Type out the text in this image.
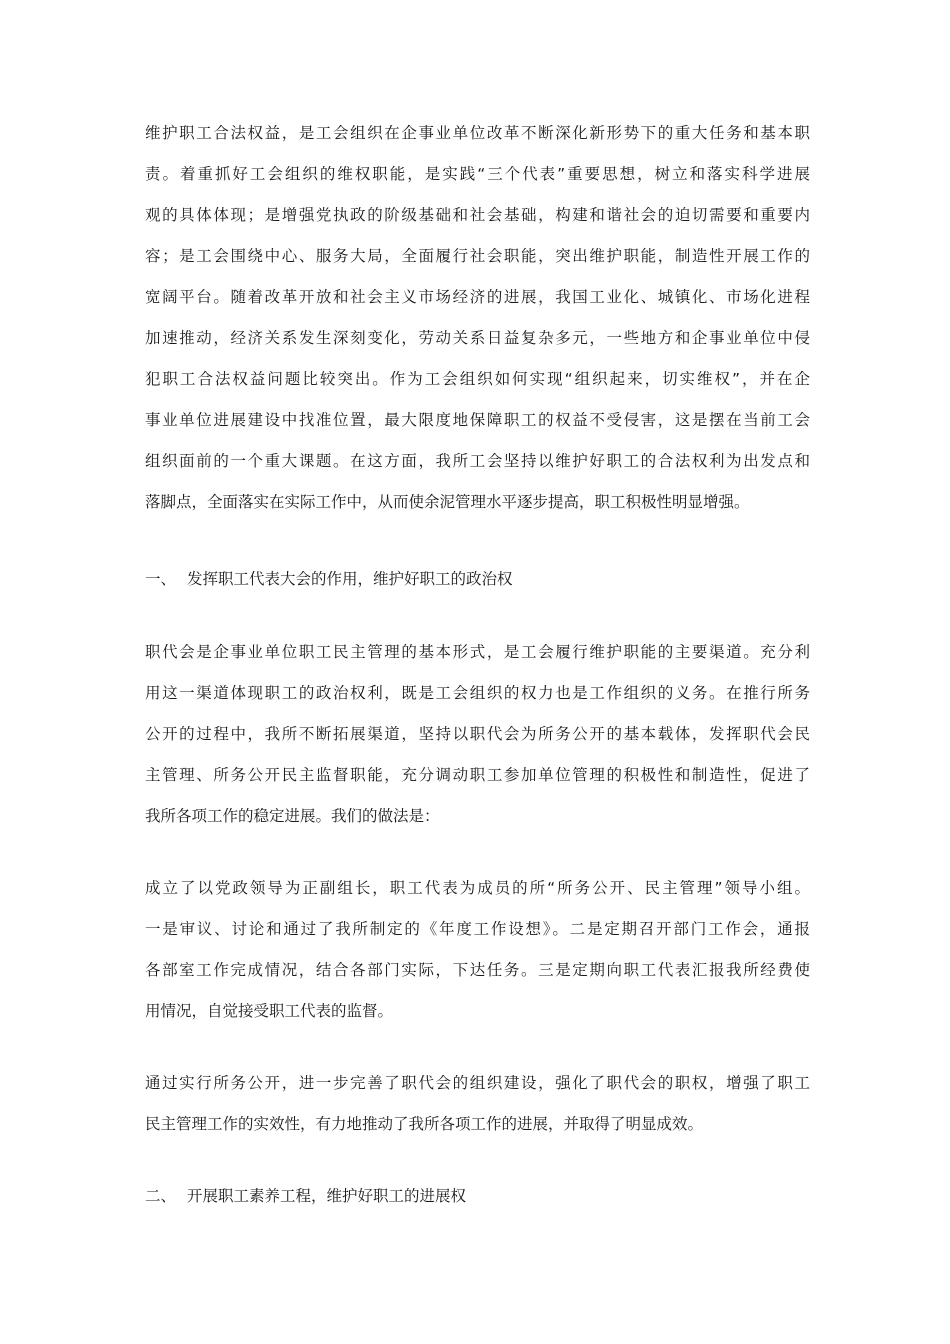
维护职工合法权益，是工会组织在企事业单位改革不断深化新形势下的重大任务和基本职
责。着重抓好工会组织的维权职能，是实践“三个代表”重要思想，树立和落实科学进展
观的具体体现；是增强党执政的阶级基础和社会基础，构建和谐社会的迫切需要和重要内
容；是工会围绕中心、服务大局，全面履行社会职能，突出维护职能，制造性开展工作的
宽阔平台。随着改革开放和社会主义市场经济的进展，我国工业化、城镇化、市场化进程
加速推动，经济关系发生深刻变化，劳动关系日益复杂多元，一些地方和企事业单位中侵
犯职工合法权益问题比较突出。作为工会组织如何实现“组织起来，切实维权”，并在企
事业单位进展建设中找准位置，最大限度地保障职工的权益不受侵害，这是摆在当前工会
组织面前的一个重大课题。在这方面，我所工会坚持以维护好职工的合法权利为出发点和
落脚点，全面落实在实际工作中，从而使余泥管理水平逐步提高，职工积极性明显增强。
一、 发挥职工代表大会的作用，维护好职工的政治权
职代会是企事业单位职工民主管理的基本形式，是工会履行维护职能的主要渠道。充分利
用这一渠道体现职工的政治权利，既是工会组织的权力也是工作组织的义务。在推行所务
公开的过程中，我所不断拓展渠道，坚持以职代会为所务公开的基本载体，发挥职代会民
主管理、所务公开民主监督职能，充分调动职工参加单位管理的积极性和制造性，促进了
我所各项工作的稳定进展。我们的做法是：
成立了以党政领导为正副组长，职工代表为成员的所“所务公开、民主管理”领导小组。
一是审议、讨论和通过了我所制定的《年度工作设想》。二是定期召开部门工作会，通报
各部室工作完成情况，结合各部门实际，下达任务。三是定期向职工代表汇报我所经费使
用情况，自觉接受职工代表的监督。
通过实行所务公开，进一步完善了职代会的组织建设，强化了职代会的职权，增强了职工
民主管理工作的实效性，有力地推动了我所各项工作的进展，并取得了明显成效。
二、 开展职工素养工程，维护好职工的进展权
